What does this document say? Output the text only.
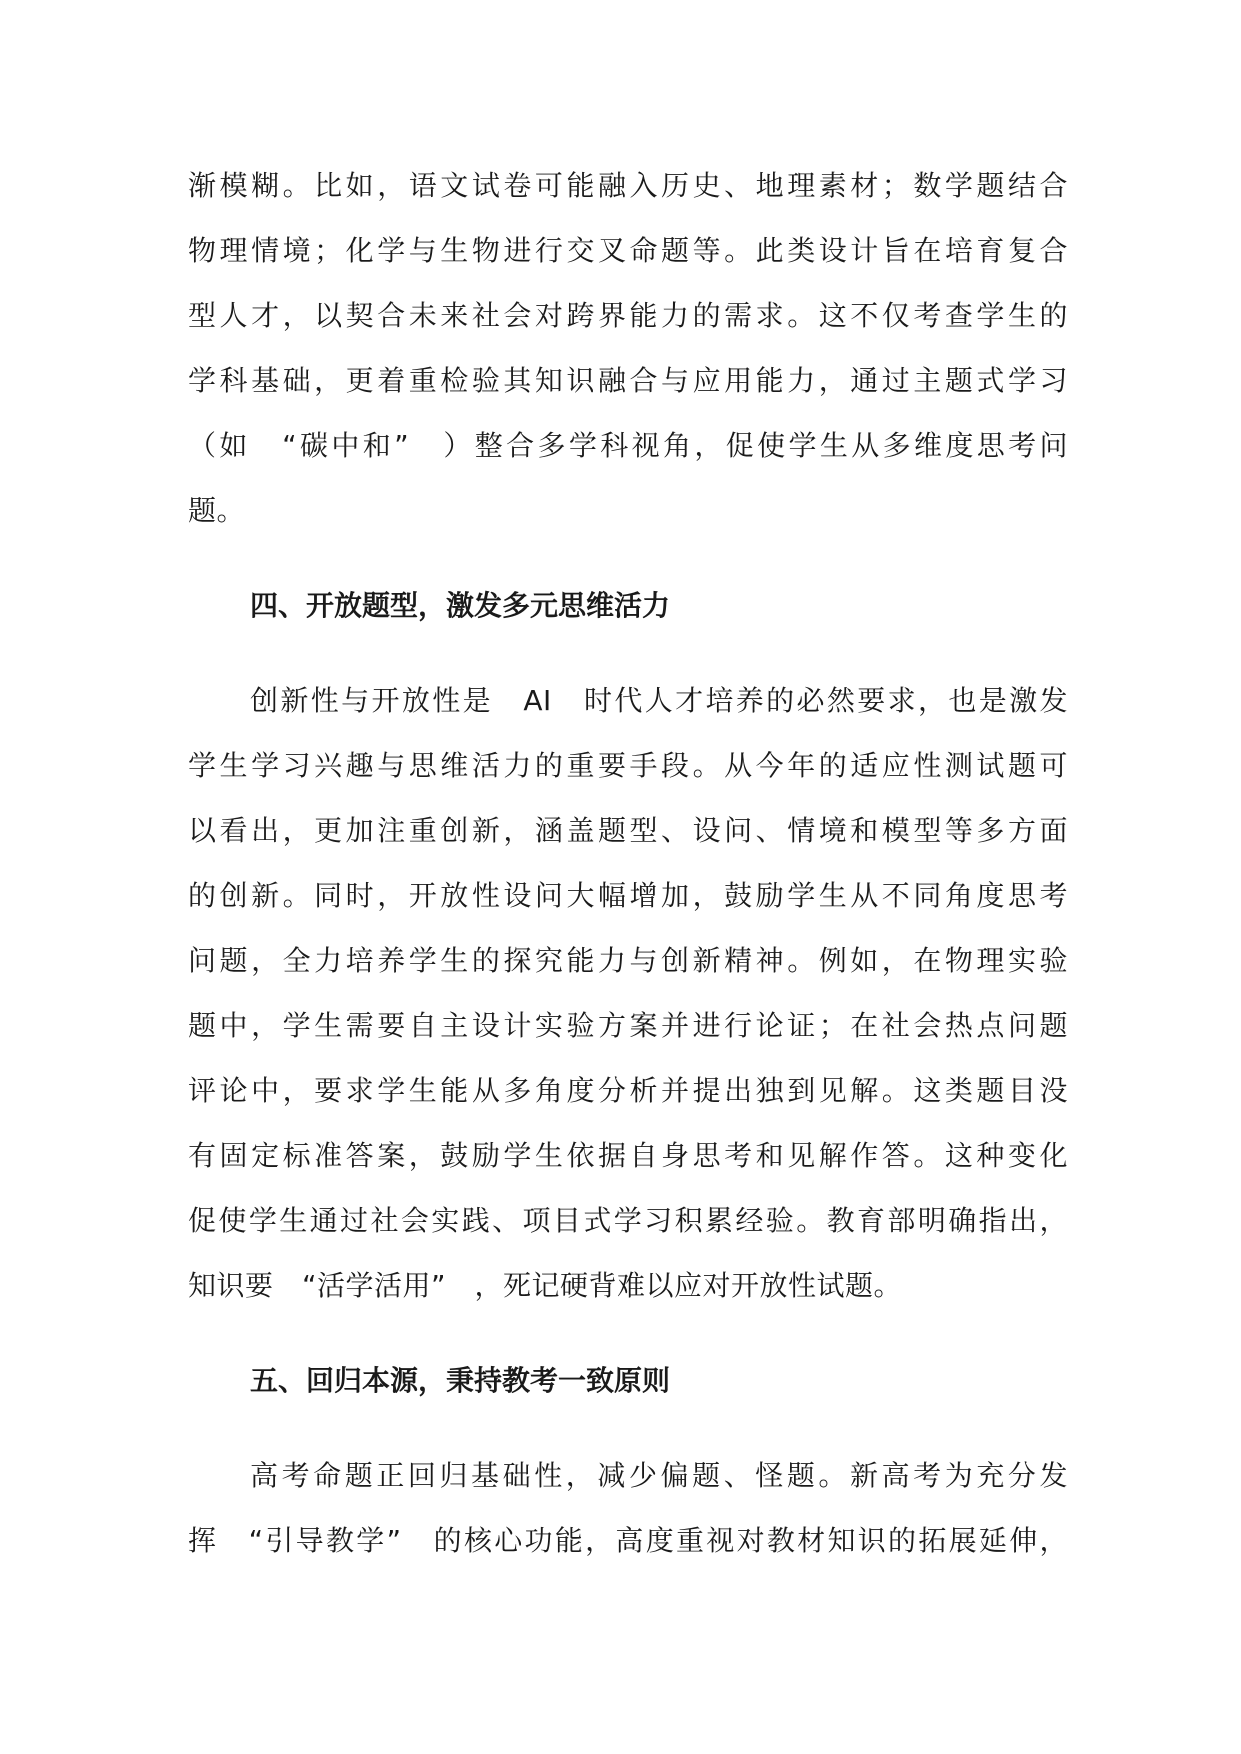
渐模糊。比如，语文试卷可能融入历史、地理素材；数学题结合
物理情境；化学与生物进行交叉命题等。此类设计旨在培育复合
型人才，以契合未来社会对跨界能力的需求。这不仅考查学生的
学科基础，更着重检验其知识融合与应用能力，通过主题式学习
（如　“碳中和”　）整合多学科视角，促使学生从多维度思考问
题。
四、开放题型，激发多元思维活力
创新性与开放性是　AI　时代人才培养的必然要求，也是激发
学生学习兴趣与思维活力的重要手段。从今年的适应性测试题可
以看出，更加注重创新，涵盖题型、设问、情境和模型等多方面
的创新。同时，开放性设问大幅增加，鼓励学生从不同角度思考
问题，全力培养学生的探究能力与创新精神。例如，在物理实验
题中，学生需要自主设计实验方案并进行论证；在社会热点问题
评论中，要求学生能从多角度分析并提出独到见解。这类题目没
有固定标准答案，鼓励学生依据自身思考和见解作答。这种变化
促使学生通过社会实践、项目式学习积累经验。教育部明确指出，
知识要　“活学活用”　，死记硬背难以应对开放性试题。
五、回归本源，秉持教考一致原则
高考命题正回归基础性，减少偏题、怪题。新高考为充分发
挥　“引导教学”　的核心功能，高度重视对教材知识的拓展延伸，
